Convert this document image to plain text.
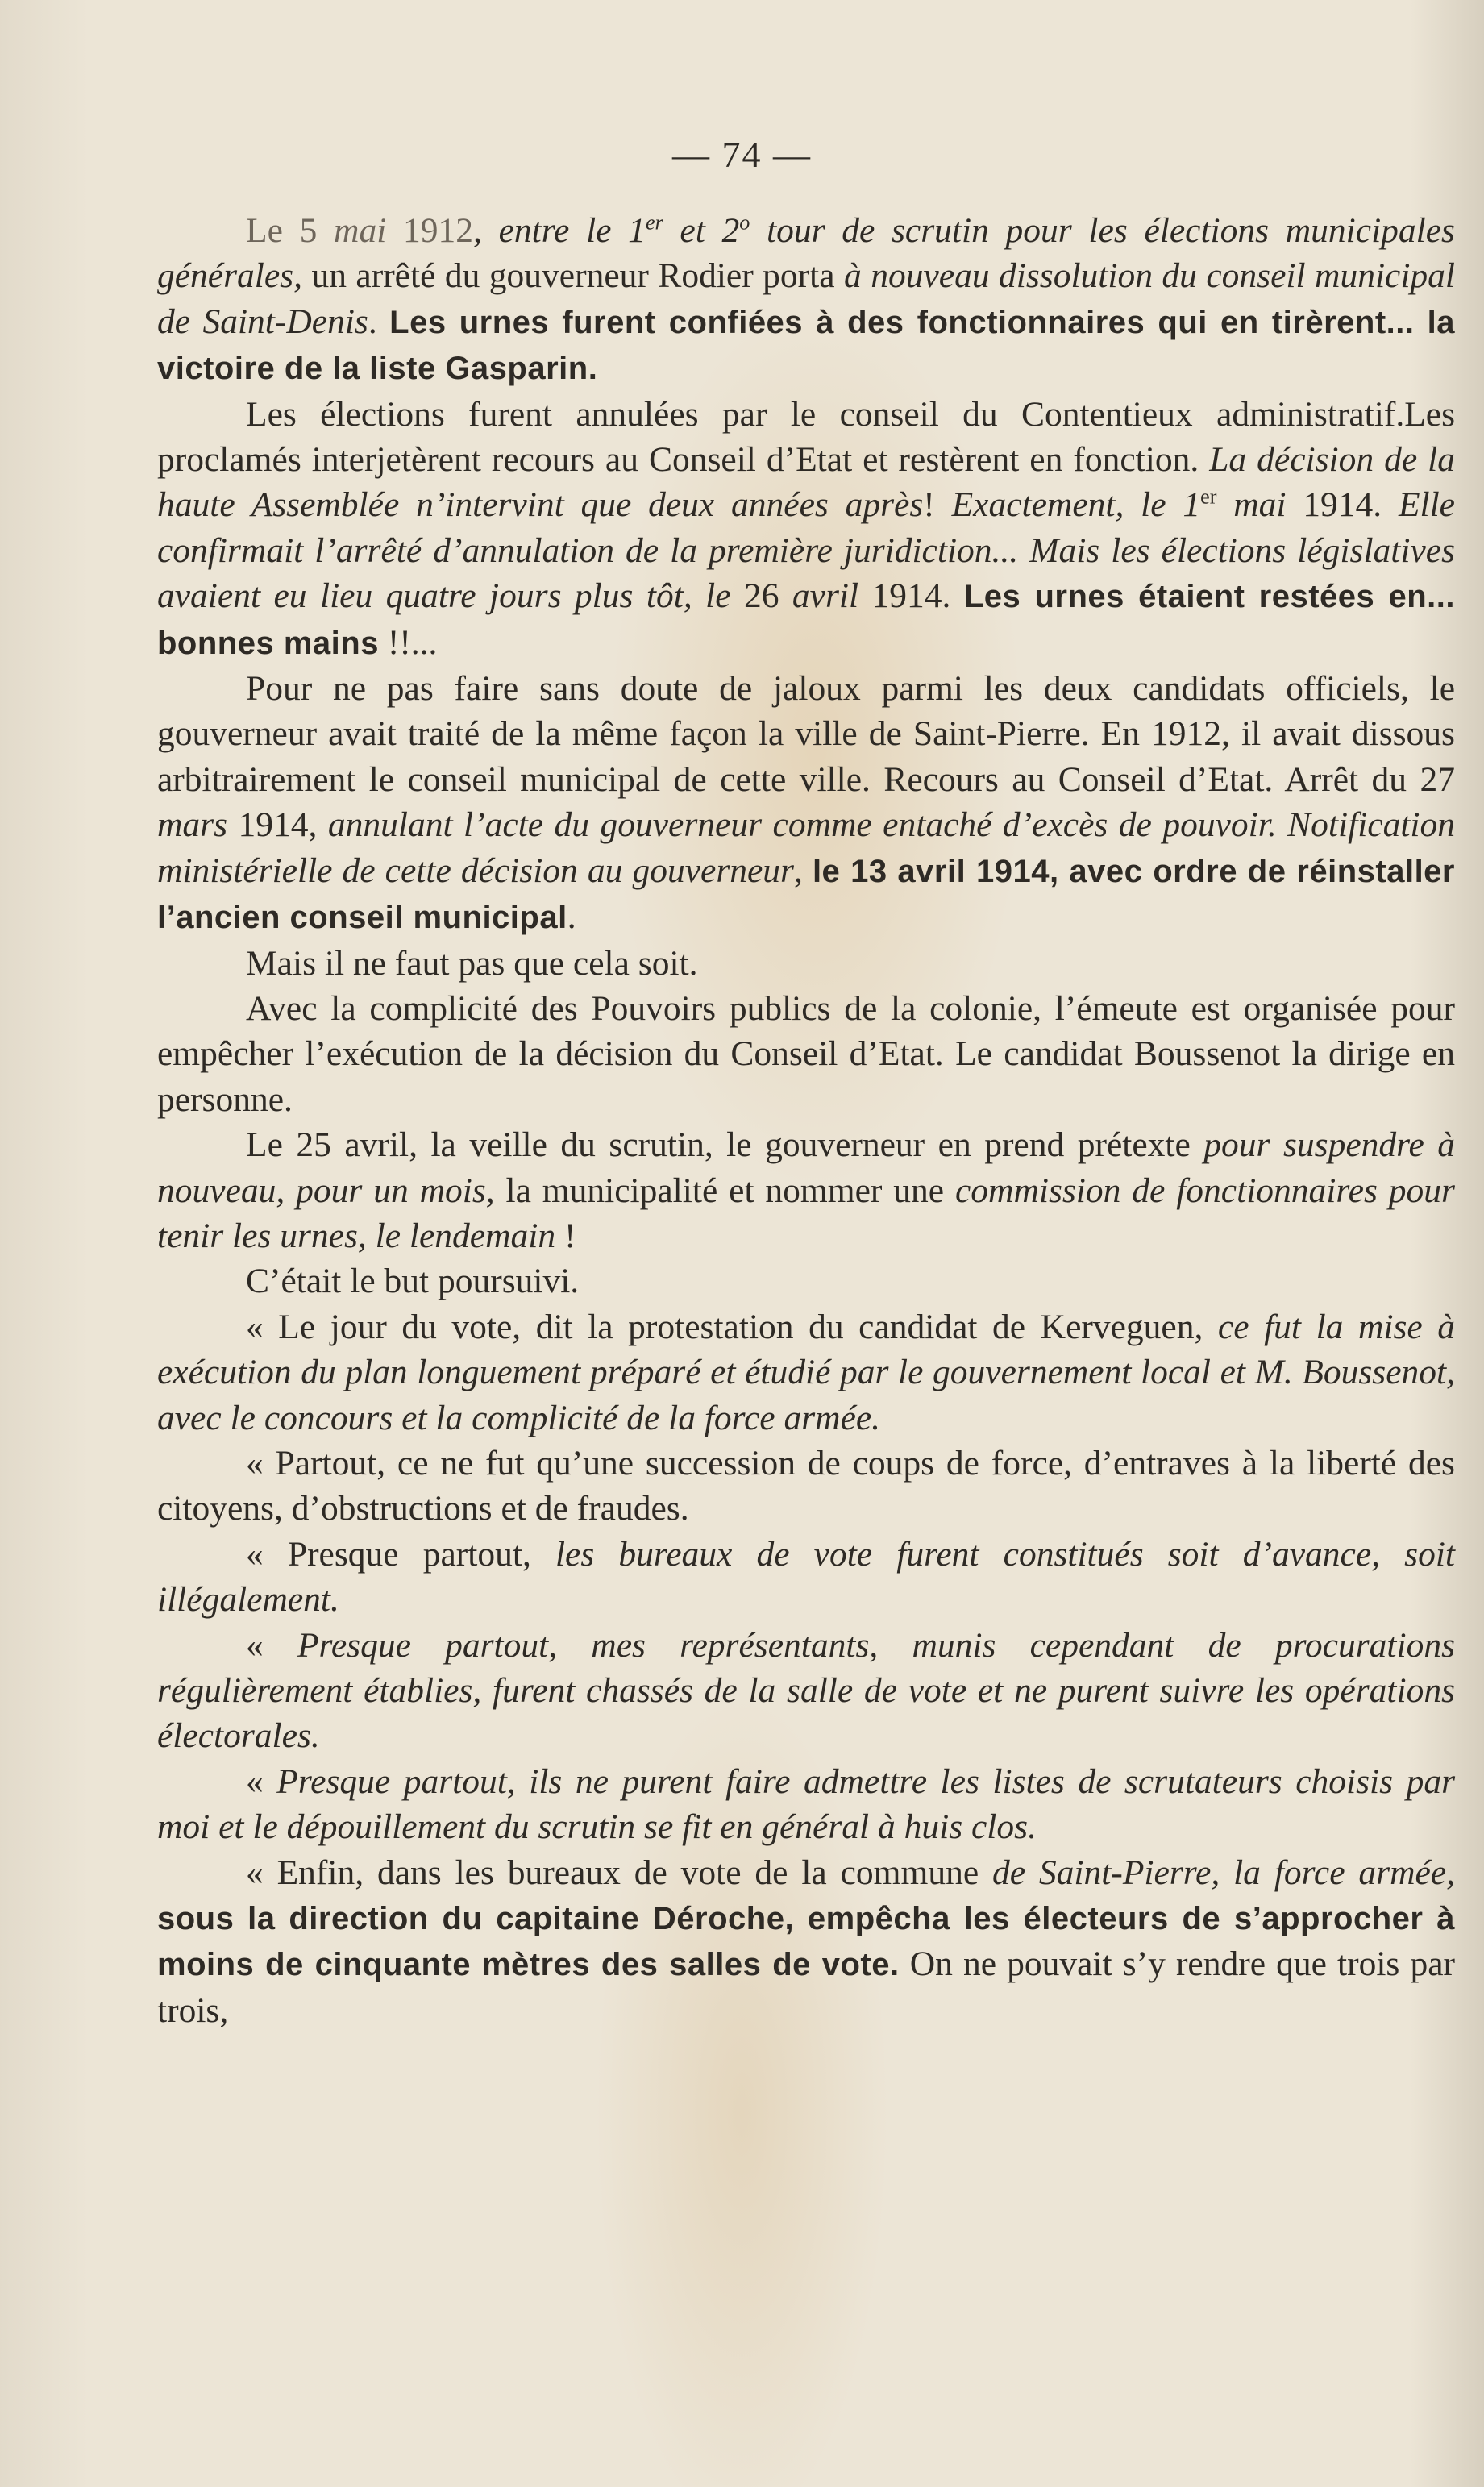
— 74 —

Le 5 mai 1912, entre le 1er et 2$^o$ tour de scrutin pour les élections municipales générales, un arrêté du gouverneur Rodier porta à nouveau dissolution du conseil municipal de Saint-Denis. Les urnes furent confiées à des fonctionnaires qui en tirèrent... la victoire de la liste Gasparin.

Les élections furent annulées par le conseil du Contentieux administratif.Les proclamés interjetèrent recours au Conseil d’Etat et restèrent en fonction. La décision de la haute Assemblée n’intervint que deux années après! Exactement, le 1er mai 1914. Elle confirmait l’arrêté d’annulation de la première juridiction... Mais les élections législatives avaient eu lieu quatre jours plus tôt, le 26 avril 1914. Les urnes étaient restées en... bonnes mains !!...

Pour ne pas faire sans doute de jaloux parmi les deux candidats officiels, le gouverneur avait traité de la même façon la ville de Saint-Pierre. En 1912, il avait dissous arbitrairement le conseil municipal de cette ville. Recours au Conseil d’Etat. Arrêt du 27 mars 1914, annulant l’acte du gouverneur comme entaché d’excès de pouvoir. Notification ministérielle de cette décision au gouverneur, le 13 avril 1914, avec ordre de réinstaller l’ancien conseil municipal.

Mais il ne faut pas que cela soit.

Avec la complicité des Pouvoirs publics de la colonie, l’émeute est organisée pour empêcher l’exécution de la décision du Conseil d’Etat. Le candidat Boussenot la dirige en personne.

Le 25 avril, la veille du scrutin, le gouverneur en prend prétexte pour suspendre à nouveau, pour un mois, la municipalité et nommer une commission de fonctionnaires pour tenir les urnes, le lendemain !

C’était le but poursuivi.

« Le jour du vote, dit la protestation du candidat de Kerveguen, ce fut la mise à exécution du plan longuement préparé et étudié par le gouvernement local et M. Boussenot, avec le concours et la complicité de la force armée.

« Partout, ce ne fut qu’une succession de coups de force, d’entraves à la liberté des citoyens, d’obstructions et de fraudes.

« Presque partout, les bureaux de vote furent constitués soit d’avance, soit illégalement.

« Presque partout, mes représentants, munis cependant de procurations régulièrement établies, furent chassés de la salle de vote et ne purent suivre les opérations électorales.

« Presque partout, ils ne purent faire admettre les listes de scrutateurs choisis par moi et le dépouillement du scrutin se fit en général à huis clos.

« Enfin, dans les bureaux de vote de la commune de Saint-Pierre, la force armée, sous la direction du capitaine Déroche, empêcha les électeurs de s’approcher à moins de cinquante mètres des salles de vote. On ne pouvait s’y rendre que trois par trois,
